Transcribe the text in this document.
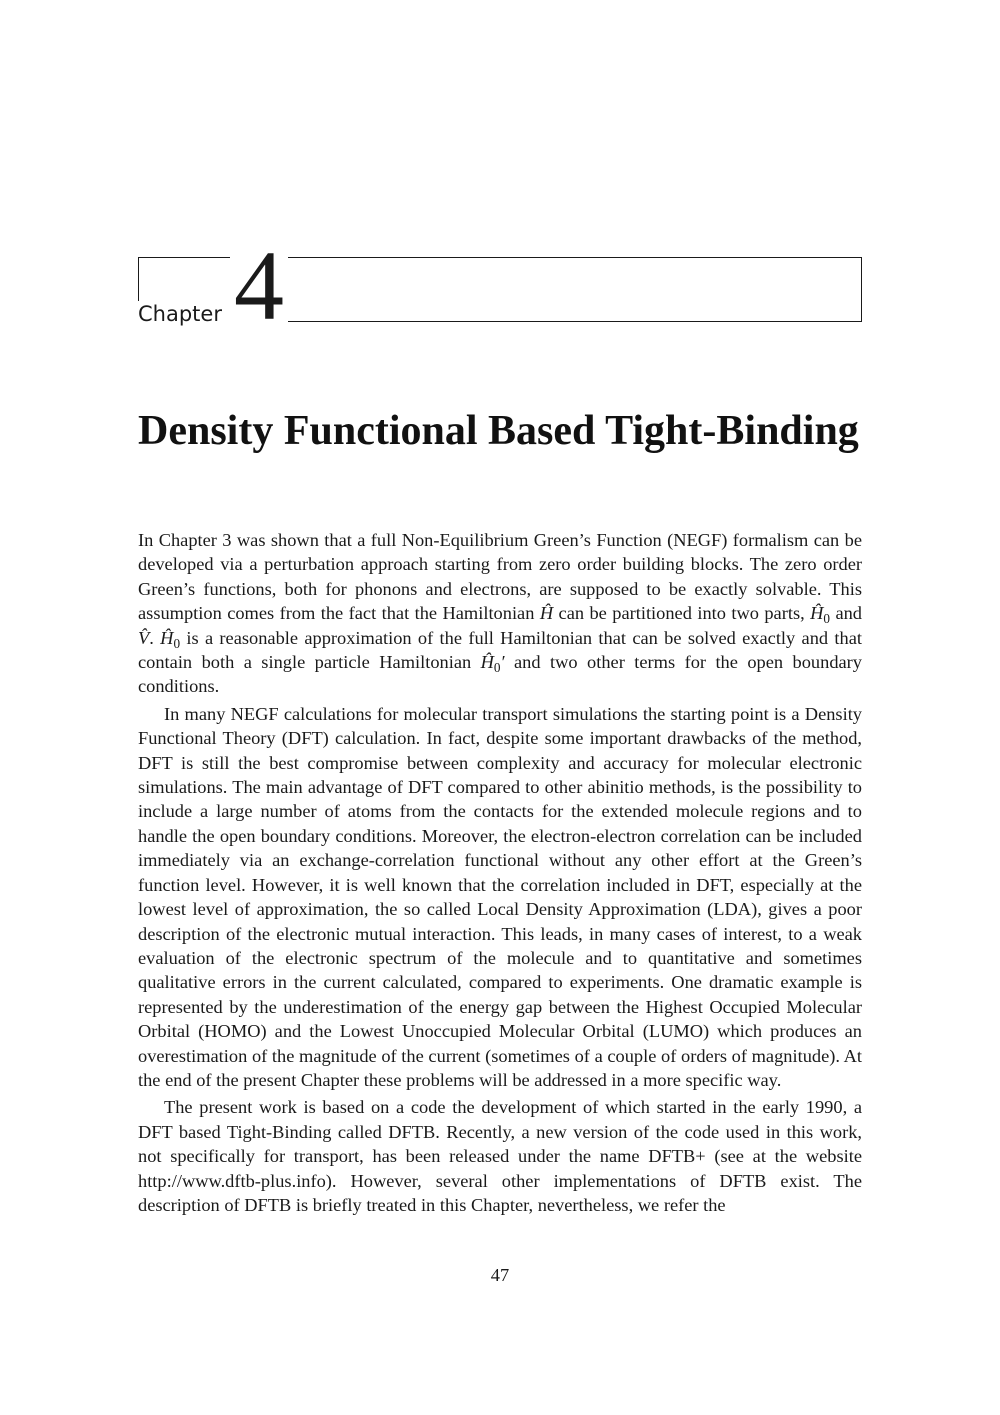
Chapter 4
Density Functional Based Tight-Binding

In Chapter 3 was shown that a full Non-Equilibrium Green’s Function (NEGF) formalism can be developed via a perturbation approach starting from zero order building blocks. The zero order Green’s functions, both for phonons and electrons, are supposed to be exactly solvable. This assumption comes from the fact that the Hamiltonian Ĥ can be partitioned into two parts, $Ĥ_0$ and V̂. $Ĥ_0$ is a reasonable approximation of the full Hamiltonian that can be solved exactly and that contain both a single particle Hamiltonian $Ĥ_0'$ and two other terms for the open boundary conditions.

In many NEGF calculations for molecular transport simulations the starting point is a Density Functional Theory (DFT) calculation. In fact, despite some important drawbacks of the method, DFT is still the best compromise between complexity and accuracy for molecular electronic simulations. The main advantage of DFT compared to other abinitio methods, is the possibility to include a large number of atoms from the contacts for the extended molecule regions and to handle the open boundary conditions. Moreover, the electron-electron correlation can be included immediately via an exchange-correlation functional without any other effort at the Green’s function level. However, it is well known that the correlation included in DFT, especially at the lowest level of approximation, the so called Local Density Approximation (LDA), gives a poor description of the electronic mutual interaction. This leads, in many cases of interest, to a weak evaluation of the electronic spectrum of the molecule and to quantitative and sometimes qualitative errors in the current calculated, compared to experiments. One dramatic example is represented by the underestimation of the energy gap between the Highest Occupied Molecular Orbital (HOMO) and the Lowest Unoccupied Molecular Orbital (LUMO) which produces an overestimation of the magnitude of the current (sometimes of a couple of orders of magnitude). At the end of the present Chapter these problems will be addressed in a more specific way.

The present work is based on a code the development of which started in the early 1990, a DFT based Tight-Binding called DFTB. Recently, a new version of the code used in this work, not specifically for transport, has been released under the name DFTB+ (see at the website http://www.dftb-plus.info). However, several other implementations of DFTB exist. The description of DFTB is briefly treated in this Chapter, nevertheless, we refer the

47
